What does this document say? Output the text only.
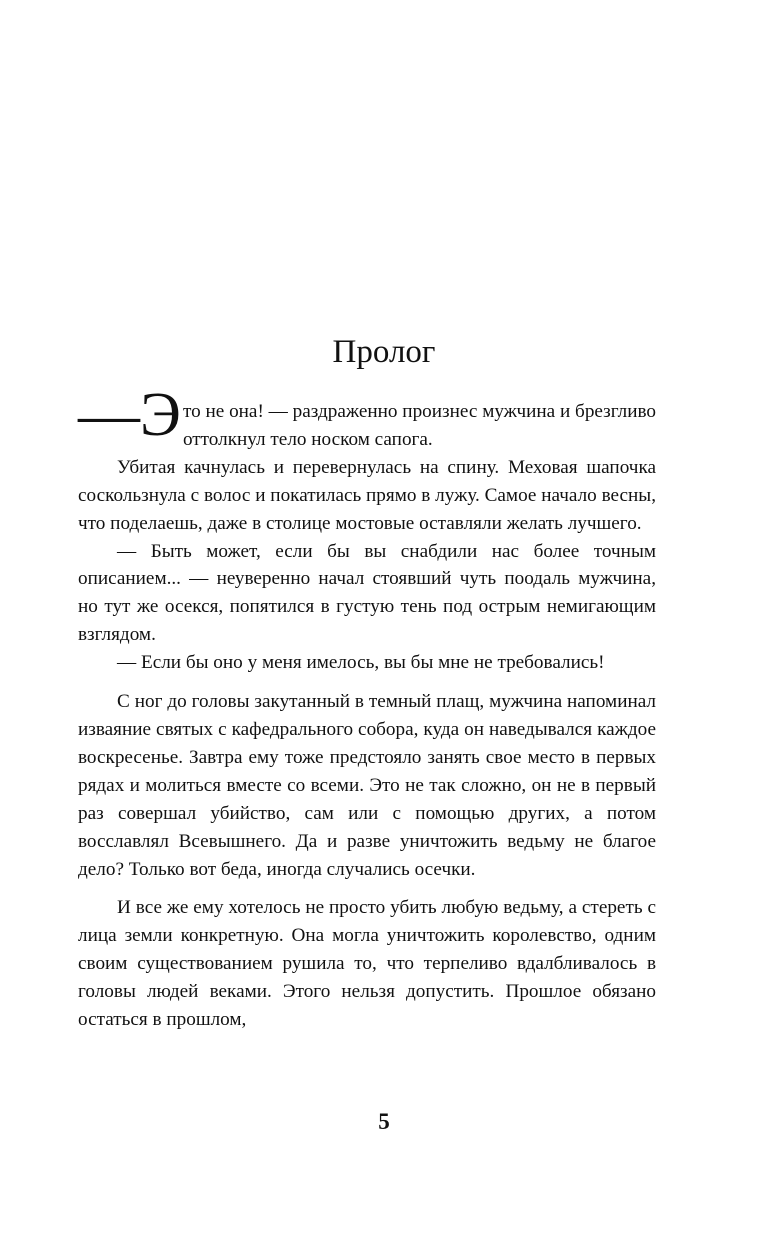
Пролог

—Э то не она! — раздраженно произнес мужчина и брезгливо оттолкнул тело носком сапога.

Убитая качнулась и перевернулась на спину. Меховая шапочка соскользнула с волос и покатилась прямо в лужу. Самое начало весны, что поделаешь, даже в столице мостовые оставляли желать лучшего.

— Быть может, если бы вы снабдили нас более точным описанием... — неуверенно начал стоявший чуть поодаль мужчина, но тут же осекся, попятился в густую тень под острым немигающим взглядом.

— Если бы оно у меня имелось, вы бы мне не требовались!

С ног до головы закутанный в темный плащ, мужчина напоминал изваяние святых с кафедрального собора, куда он наведывался каждое воскресенье. Завтра ему тоже предстояло занять свое место в первых рядах и молиться вместе со всеми. Это не так сложно, он не в первый раз совершал убийство, сам или с помощью других, а потом восславлял Всевышнего. Да и разве уничтожить ведьму не благое дело? Только вот беда, иногда случались осечки.

И все же ему хотелось не просто убить любую ведьму, а стереть с лица земли конкретную. Она могла уничтожить королевство, одним своим существованием рушила то, что терпеливо вдалбливалось в головы людей веками. Этого нельзя допустить. Прошлое обязано остаться в прошлом,

5
